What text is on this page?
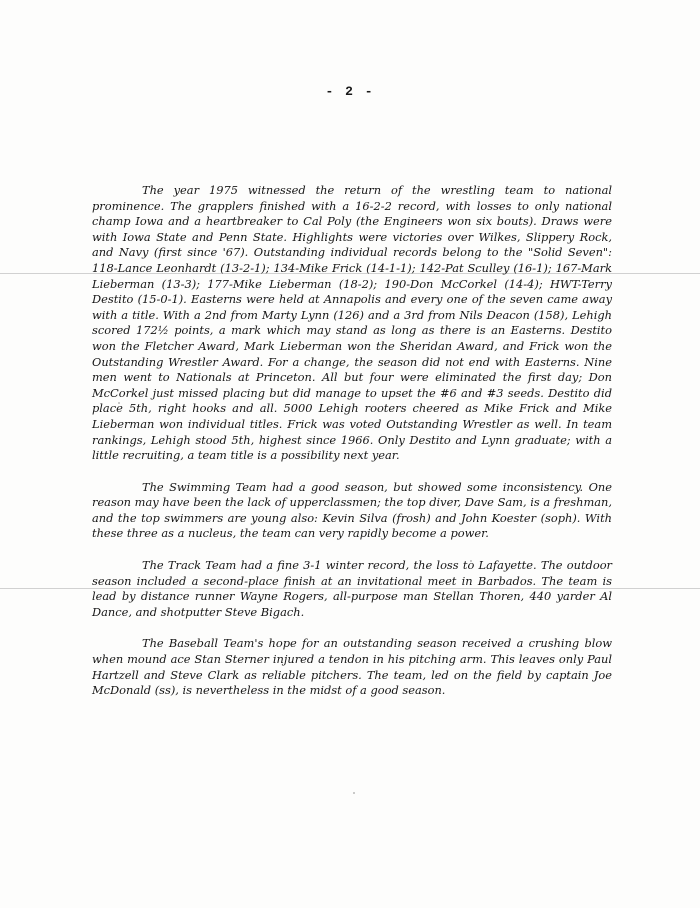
- 2 -

The year 1975 witnessed the return of the wrestling team to national prominence. The grapplers finished with a 16-2-2 record, with losses to only national champ Iowa and a heartbreaker to Cal Poly (the Engineers won six bouts). Draws were with Iowa State and Penn State. Highlights were victories over Wilkes, Slippery Rock, and Navy (first since '67). Outstanding individual records belong to the "Solid Seven": 118-Lance Leonhardt (13-2-1); 134-Mike Frick (14-1-1); 142-Pat Sculley (16-1); 167-Mark Lieberman (13-3); 177-Mike Lieberman (18-2); 190-Don McCorkel (14-4); HWT-Terry Destito (15-0-1). Easterns were held at Annapolis and every one of the seven came away with a title. With a 2nd from Marty Lynn (126) and a 3rd from Nils Deacon (158), Lehigh scored 172½ points, a mark which may stand as long as there is an Easterns. Destito won the Fletcher Award, Mark Lieberman won the Sheridan Award, and Frick won the Outstanding Wrestler Award. For a change, the season did not end with Easterns. Nine men went to Nationals at Princeton. All but four were eliminated the first day; Don McCorkel just missed placing but did manage to upset the #6 and #3 seeds. Destito did place 5th, right hooks and all. 5000 Lehigh rooters cheered as Mike Frick and Mike Lieberman won individual titles. Frick was voted Outstanding Wrestler as well. In team rankings, Lehigh stood 5th, highest since 1966. Only Destito and Lynn graduate; with a little recruiting, a team title is a possibility next year.

The Swimming Team had a good season, but showed some inconsistency. One reason may have been the lack of upperclassmen; the top diver, Dave Sam, is a freshman, and the top swimmers are young also: Kevin Silva (frosh) and John Koester (soph). With these three as a nucleus, the team can very rapidly become a power.

The Track Team had a fine 3-1 winter record, the loss to Lafayette. The outdoor season included a second-place finish at an invitational meet in Barbados. The team is lead by distance runner Wayne Rogers, all-purpose man Stellan Thoren, 440 yarder Al Dance, and shotputter Steve Bigach.

The Baseball Team's hope for an outstanding season received a crushing blow when mound ace Stan Sterner injured a tendon in his pitching arm. This leaves only Paul Hartzell and Steve Clark as reliable pitchers. The team, led on the field by captain Joe McDonald (ss), is nevertheless in the midst of a good season.
